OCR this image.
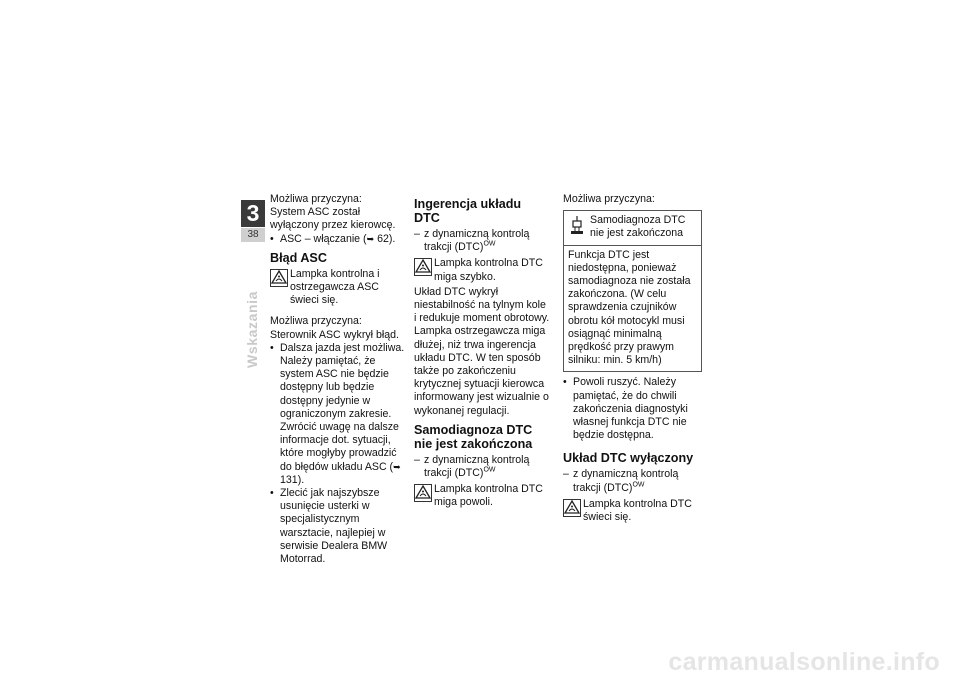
3
38
Wskazania

Możliwa przyczyna:

System ASC został wyłączony przez kierowcę.

• ASC – włączanie (➥ 62).

Błąd ASC
Lampka kontrolna i ostrzegawcza ASC świeci się.

Możliwa przyczyna:

Sterownik ASC wykrył błąd.

• Dalsza jazda jest możliwa. Należy pamiętać, że system ASC nie będzie dostępny lub będzie dostępny jedynie w ograniczonym zakresie. Zwrócić uwagę na dalsze informacje dot. sytuacji, które mogłyby prowadzić do błędów układu ASC (➥ 131).

• Zlecić jak najszybsze usunięcie usterki w specjalistycznym warsztacie, najlepiej w serwisie Dealera BMW Motorrad.

Ingerencja układu DTC

– z dynamiczną kontrolą trakcji (DTC)$^{OW}$

Lampka kontrolna DTC miga szybko.

Układ DTC wykrył niestabilność na tylnym kole i redukuje moment obrotowy. Lampka ostrzegawcza miga dłużej, niż trwa ingerencja układu DTC. W ten sposób także po zakończeniu krytycznej sytuacji kierowca informowany jest wizualnie o wykonanej regulacji.

Samodiagnoza DTC nie jest zakończona

– z dynamiczną kontrolą trakcji (DTC)$^{OW}$

Lampka kontrolna DTC miga powoli.

Możliwa przyczyna:

Samodiagnoza DTC nie jest zakończona
Funkcja DTC jest niedostępna, ponieważ samodiagnoza nie została zakończona. (W celu sprawdzenia czujników obrotu kół motocykl musi osiągnąć minimalną prędkość przy prawym silniku: min. 5 km/h)

• Powoli ruszyć. Należy pamiętać, że do chwili zakończenia diagnostyki własnej funkcja DTC nie będzie dostępna.

Układ DTC wyłączony

– z dynamiczną kontrolą trakcji (DTC)$^{OW}$

Lampka kontrolna DTC świeci się.
carmanualsonline.info
